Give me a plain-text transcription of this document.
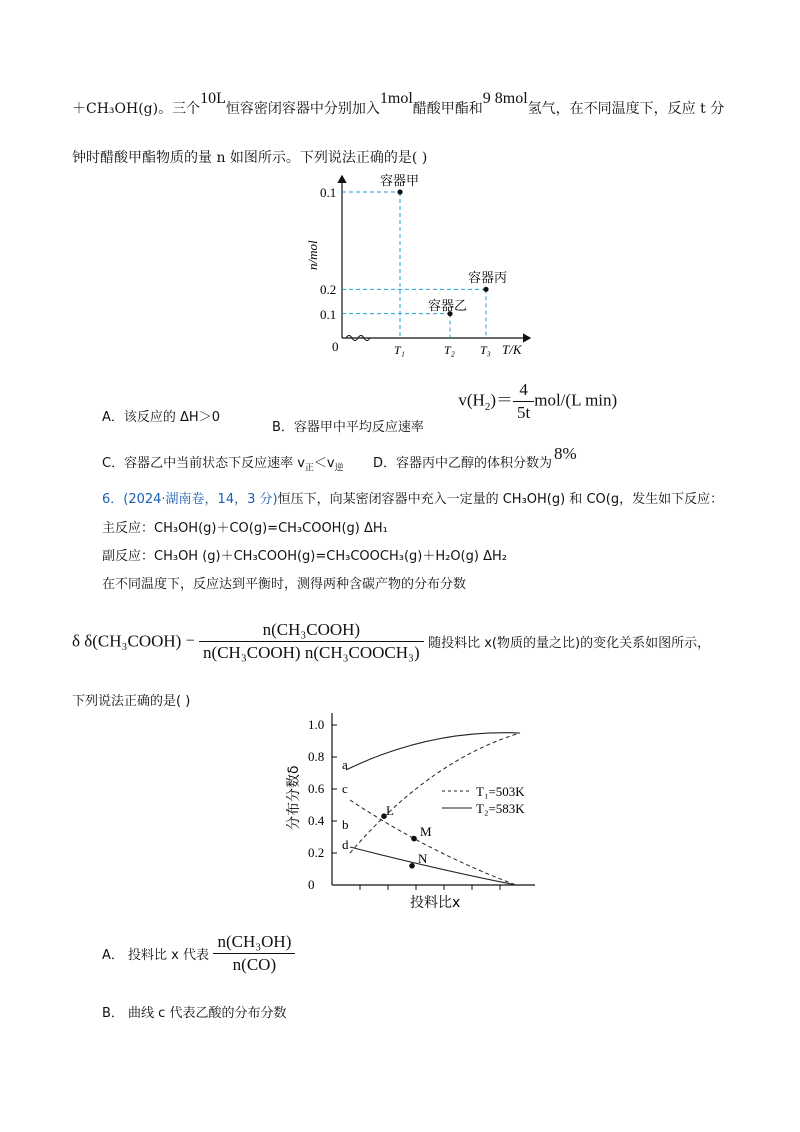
＋CH₃OH(g)。三个10L恒容密闭容器中分别加入1mol醋酸甲酯和9 8mol氢气，在不同温度下，反应 t 分
钟时醋酸甲酯物质的量 n 如图所示。下列说法正确的是( )
0.1
0.2
0.1
0	T₁	T₂ T₃ T/K
n/mol
容器甲
容器乙
容器丙
A．该反应的 ΔH＞0
B．容器甲中平均反应速率 $v(H_2)= \frac{4}{5t} mol/(L$ min)
C．容器乙中当前状态下反应速率 $v_正<v_逆$ D．容器丙中乙醇的体积分数为8%
6．(2024·湖南卷，14，3 分)恒压下，向某密闭容器中充入一定量的 CH₃OH(g) 和 CO(g，发生如下反应：
主反应：CH₃OH(g)＋CO(g)=CH₃COOH(g) ΔH₁
副反应：CH₃OH (g)＋CH₃COOH(g)=CH₃COOCH₃(g)＋H₂O(g) ΔH₂
在不同温度下，反应达到平衡时，测得两种含碳产物的分布分数
δ δ(CH₃COOH) − $\frac{\text{n(CH₃COOH)}}{\text{n(CH₃COOH) n(CH₃COOCH₃)}}$ 随投料比 x(物质的量之比)的变化关系如图所示，
下列说法正确的是( )
0
0.2
0.4
0.6
0.8
1.0
分布分数δ
投料比x
a
b
c
d
L
M
N
T₁=503K
T₂=583K
A． 投料比 x 代表 $\frac{\text{n(CH₃OH)}}{n(CO)}$
B． 曲线 c 代表乙酸的分布分数
